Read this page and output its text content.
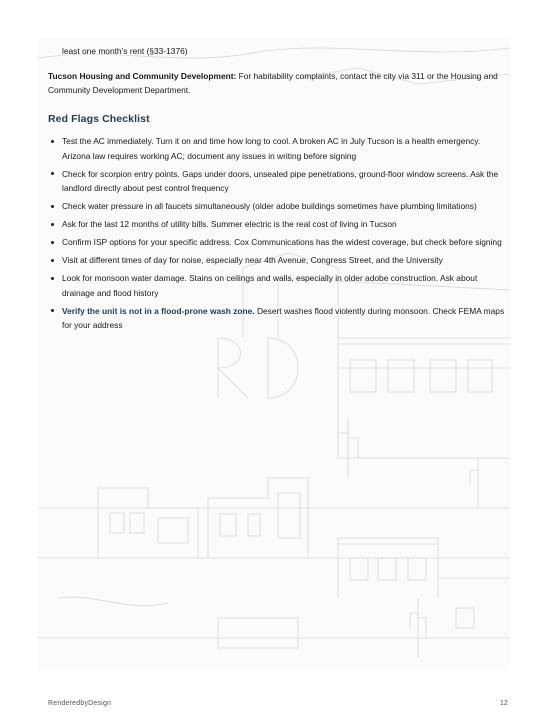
least one month’s rent (§33-1376)

Tucson Housing and Community Development: For habitability complaints, contact the city via 311 or the Housing and Community Development Department.

Red Flags Checklist
Test the AC immediately. Turn it on and time how long to cool. A broken AC in July Tucson is a health emergency. Arizona law requires working AC; document any issues in writing before signing
Check for scorpion entry points. Gaps under doors, unsealed pipe penetrations, ground-floor window screens. Ask the landlord directly about pest control frequency
Check water pressure in all faucets simultaneously (older adobe buildings sometimes have plumbing limitations)
Ask for the last 12 months of utility bills. Summer electric is the real cost of living in Tucson
Confirm ISP options for your specific address. Cox Communications has the widest coverage, but check before signing
Visit at different times of day for noise, especially near 4th Avenue, Congress Street, and the University
Look for monsoon water damage. Stains on ceilings and walls, especially in older adobe construction. Ask about drainage and flood history
Verify the unit is not in a flood-prone wash zone. Desert washes flood violently during monsoon. Check FEMA maps for your address
RenderedbyDesign	12
